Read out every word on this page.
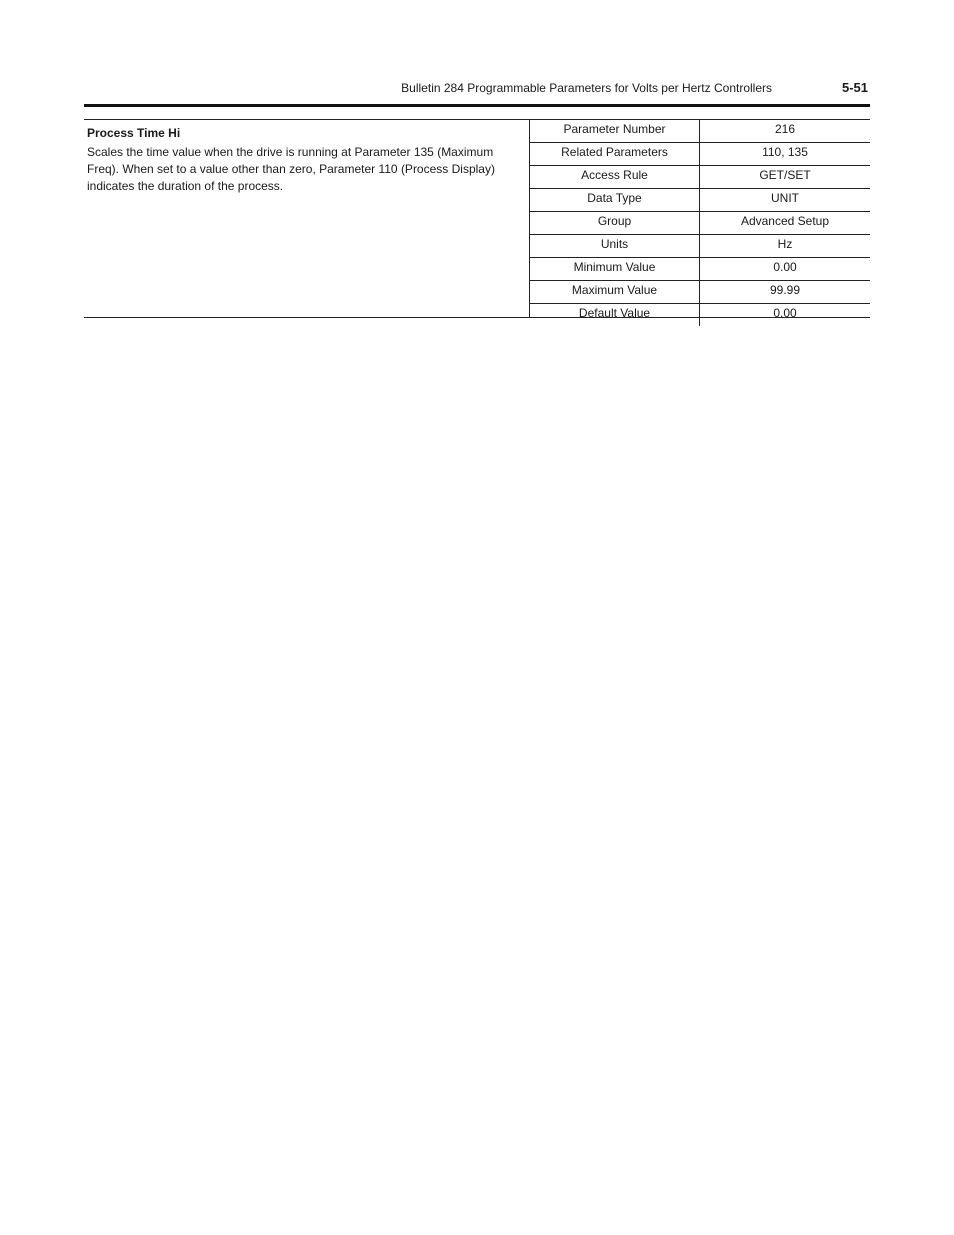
Bulletin 284 Programmable Parameters for Volts per Hertz Controllers	5-51
Process Time Hi
Scales the time value when the drive is running at Parameter 135 (Maximum Freq). When set to a value other than zero, Parameter 110 (Process Display) indicates the duration of the process.
Parameter Number	216
Related Parameters	110, 135
Access Rule	GET/SET
Data Type	UNIT
Group	Advanced Setup
Units	Hz
Minimum Value	0.00
Maximum Value	99.99
Default Value	0.00
